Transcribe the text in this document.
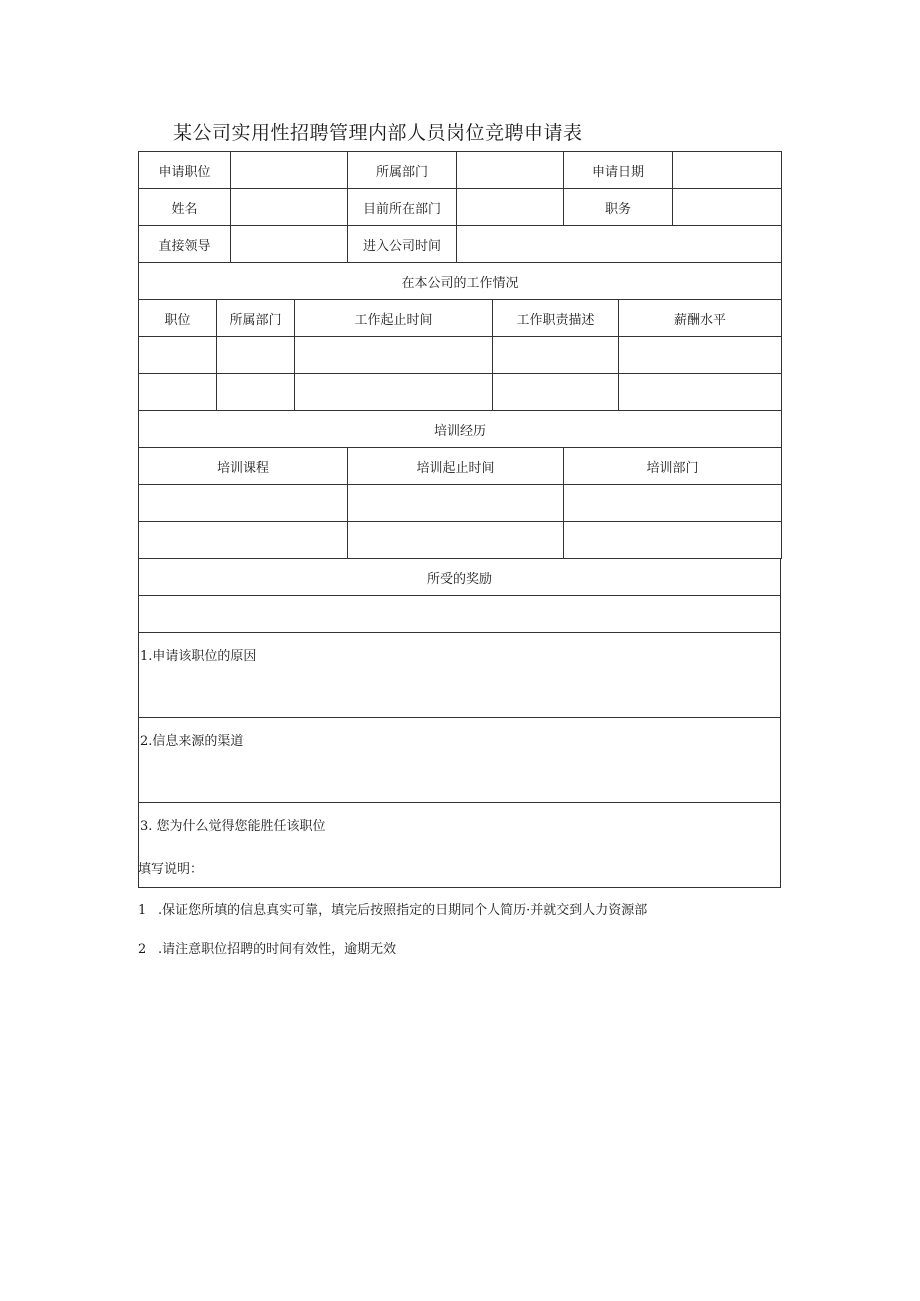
某公司实用性招聘管理内部人员岗位竞聘申请表
申请职位		所属部门		申请日期	
姓名		目前所在部门		职务	
直接领导		进入公司时间			
在本公司的工作情况					
职位	所属部门	工作起止时间	工作职责描述	薪酬水平

培训经历				
培训课程	培训起止时间	培训部门

所受的奖励

1.申请该职位的原因
2.信息来源的渠道
3. 您为什么觉得您能胜任该职位
填写说明：
1 .保证您所填的信息真实可靠，填完后按照指定的日期同个人简历·并就交到人力资源部
2 .请注意职位招聘的时间有效性，逾期无效
